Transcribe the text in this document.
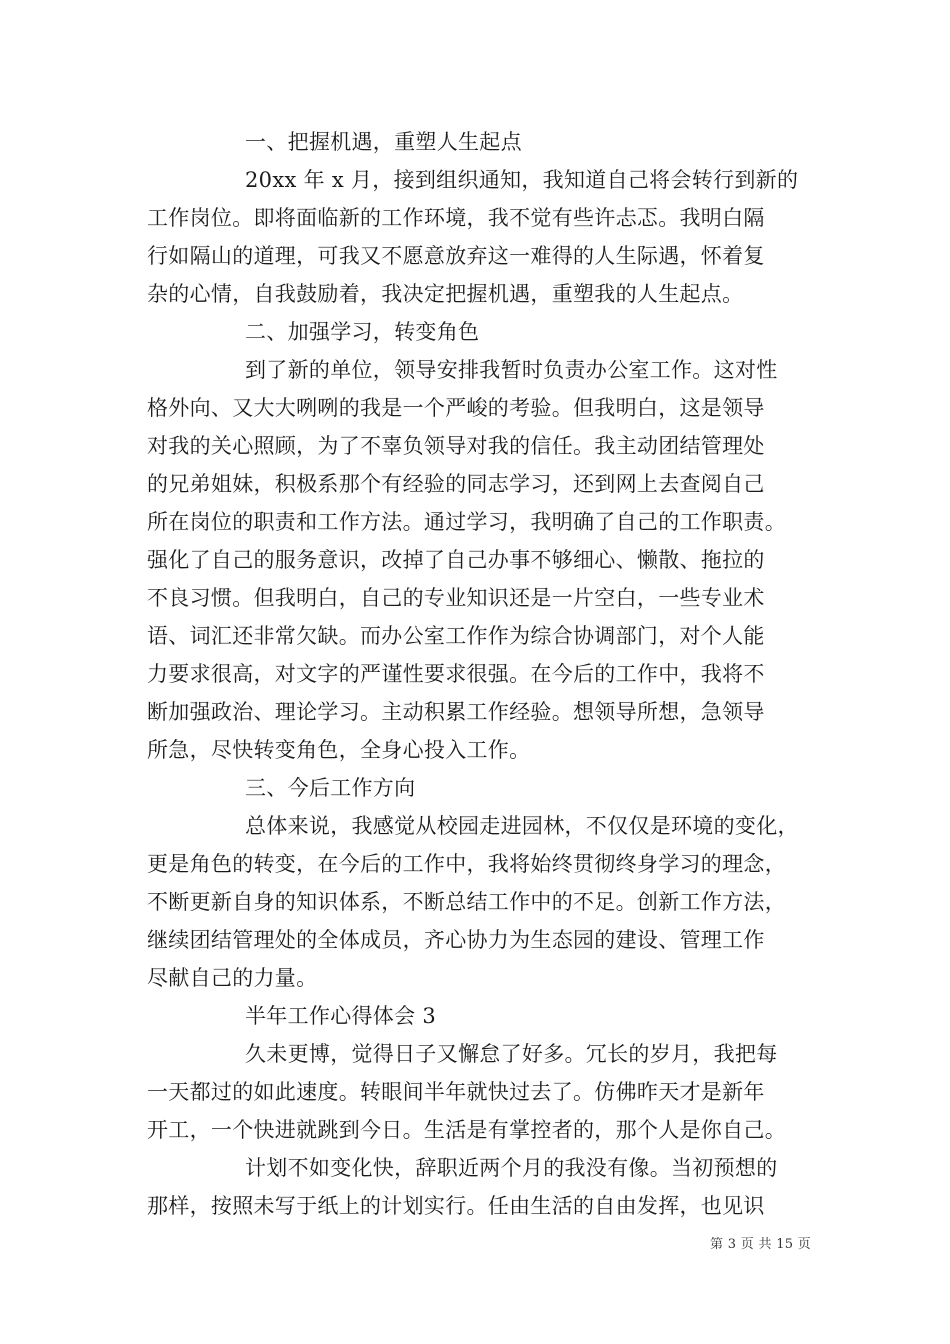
一、把握机遇，重塑人生起点
20xx 年 x 月，接到组织通知，我知道自己将会转行到新的
工作岗位。即将面临新的工作环境，我不觉有些许忐忑。我明白隔
行如隔山的道理，可我又不愿意放弃这一难得的人生际遇，怀着复
杂的心情，自我鼓励着，我决定把握机遇，重塑我的人生起点。
二、加强学习，转变角色
到了新的单位，领导安排我暂时负责办公室工作。这对性
格外向、又大大咧咧的我是一个严峻的考验。但我明白，这是领导
对我的关心照顾，为了不辜负领导对我的信任。我主动团结管理处
的兄弟姐妹，积极系那个有经验的同志学习，还到网上去查阅自己
所在岗位的职责和工作方法。通过学习，我明确了自己的工作职责。
强化了自己的服务意识，改掉了自己办事不够细心、懒散、拖拉的
不良习惯。但我明白，自己的专业知识还是一片空白，一些专业术
语、词汇还非常欠缺。而办公室工作作为综合协调部门，对个人能
力要求很高，对文字的严谨性要求很强。在今后的工作中，我将不
断加强政治、理论学习。主动积累工作经验。想领导所想，急领导
所急，尽快转变角色，全身心投入工作。
三、今后工作方向
总体来说，我感觉从校园走进园林，不仅仅是环境的变化，
更是角色的转变，在今后的工作中，我将始终贯彻终身学习的理念，
不断更新自身的知识体系，不断总结工作中的不足。创新工作方法，
继续团结管理处的全体成员，齐心协力为生态园的建设、管理工作
尽献自己的力量。
半年工作心得体会 3
久未更博，觉得日子又懈怠了好多。冗长的岁月，我把每
一天都过的如此速度。转眼间半年就快过去了。仿佛昨天才是新年
开工，一个快进就跳到今日。生活是有掌控者的，那个人是你自己。
计划不如变化快，辞职近两个月的我没有像。当初预想的
那样，按照未写于纸上的计划实行。任由生活的自由发挥，也见识
第 3 页 共 15 页
